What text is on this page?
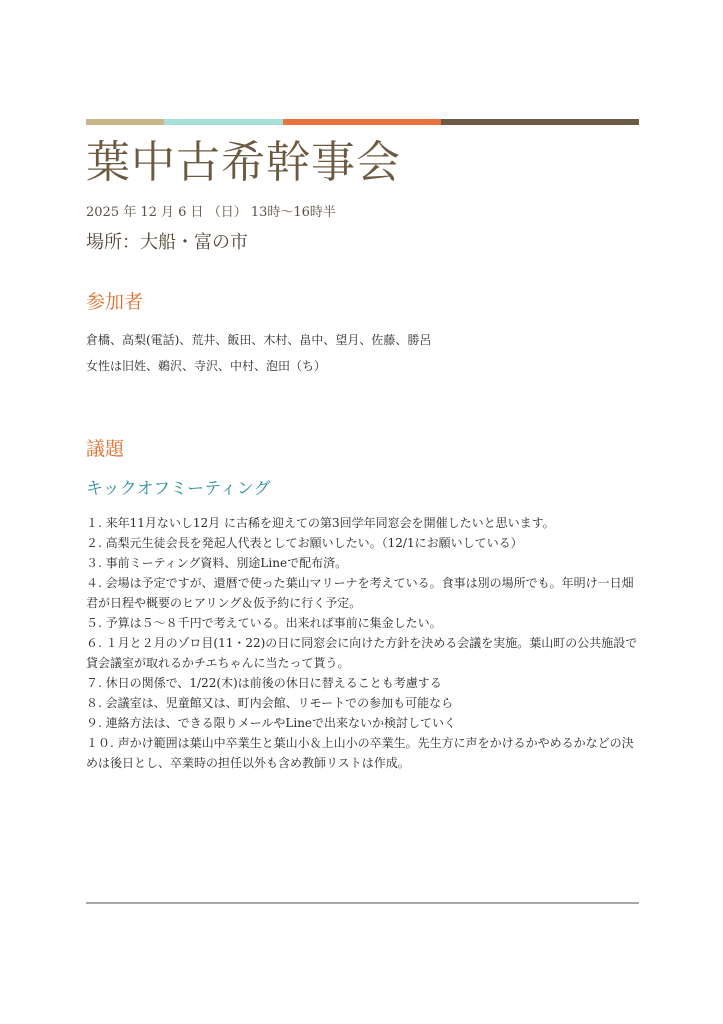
葉中古希幹事会
2025 年 12 月 6 日 （日） 13時～16時半
場所：大船・富の市
参加者

倉橋、高梨(電話)、荒井、飯田、木村、畠中、望月、佐藤、勝呂

女性は旧姓、鵜沢、寺沢、中村、泡田（ち）

議題
キックオフミーティング

１. 来年11月ないし12月 に古稀を迎えての第3回学年同窓会を開催したいと思います。

２. 高梨元生徒会長を発起人代表としてお願いしたい。（12/1にお願いしている）

３. 事前ミーティング資料、別途Lineで配布済。

４. 会場は予定ですが、還暦で使った葉山マリーナを考えている。食事は別の場所でも。年明け一日畑君が日程や概要のヒアリング＆仮予約に行く予定。

５. 予算は５～８千円で考えている。出来れば事前に集金したい。

６. １月と２月のゾロ目(11・22)の日に同窓会に向けた方針を決める会議を実施。葉山町の公共施設で貸会議室が取れるかチエちゃんに当たって貰う。

７. 休日の関係で、1/22(木)は前後の休日に替えることも考慮する

８. 会議室は、児童館又は、町内会館、リモートでの参加も可能なら

９. 連絡方法は、できる限りメールやLineで出来ないか検討していく

１０. 声かけ範囲は葉山中卒業生と葉山小＆上山小の卒業生。先生方に声をかけるかやめるかなどの決めは後日とし、卒業時の担任以外も含め教師リストは作成。
